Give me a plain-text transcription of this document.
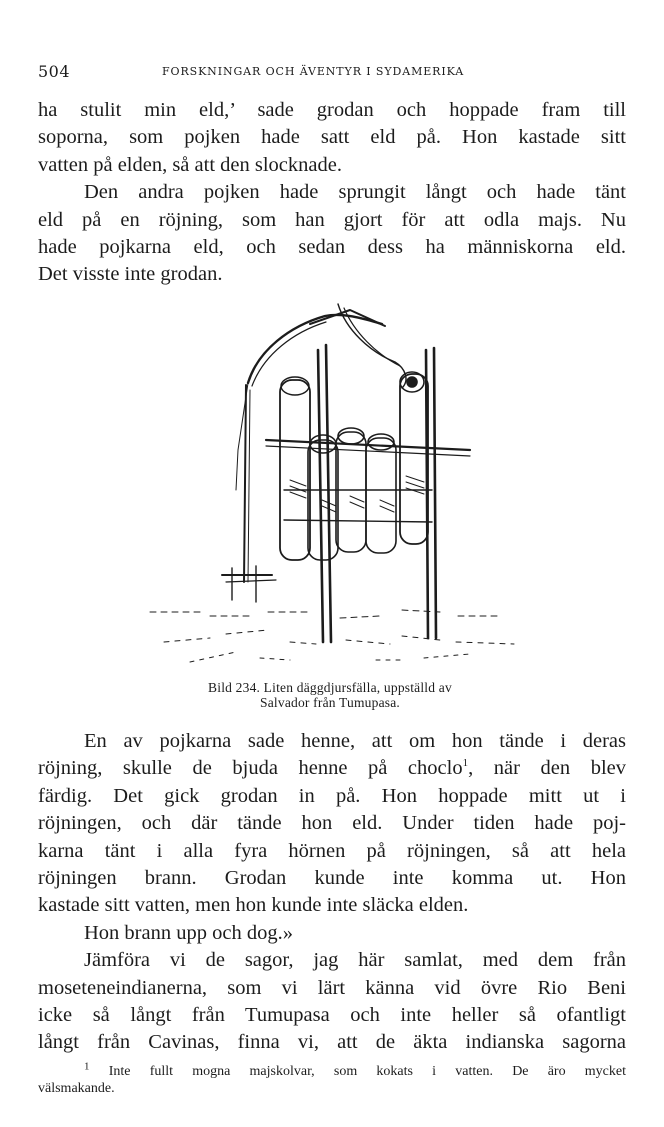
504	FORSKNINGAR OCH ÄVENTYR I SYDAMERIKA

ha stulit min eld,’ sade grodan och hoppade fram till
soporna, som pojken hade satt eld på. Hon kastade sitt
vatten på elden, så att den slocknade.

Den andra pojken hade sprungit långt och hade tänt
eld på en röjning, som han gjort för att odla majs. Nu
hade pojkarna eld, och sedan dess ha människorna eld.
Det visste inte grodan.

Bild 234. Liten däggdjursfälla, uppställd av
Salvador från Tumupasa.

En av pojkarna sade henne, att om hon tände i deras
röjning, skulle de bjuda henne på choclo$^1$, när den blev
färdig. Det gick grodan in på. Hon hoppade mitt ut i
röjningen, och där tände hon eld. Under tiden hade poj-
karna tänt i alla fyra hörnen på röjningen, så att hela
röjningen brann. Grodan kunde inte komma ut. Hon
kastade sitt vatten, men hon kunde inte släcka elden.

Hon brann upp och dog.»

Jämföra vi de sagor, jag här samlat, med dem från
moseteneindianerna, som vi lärt känna vid övre Rio Beni
icke så långt från Tumupasa och inte heller så ofantligt
långt från Cavinas, finna vi, att de äkta indianska sagorna

$^1$ Inte fullt mogna majskolvar, som kokats i vatten. De äro mycket
välsmakande.
